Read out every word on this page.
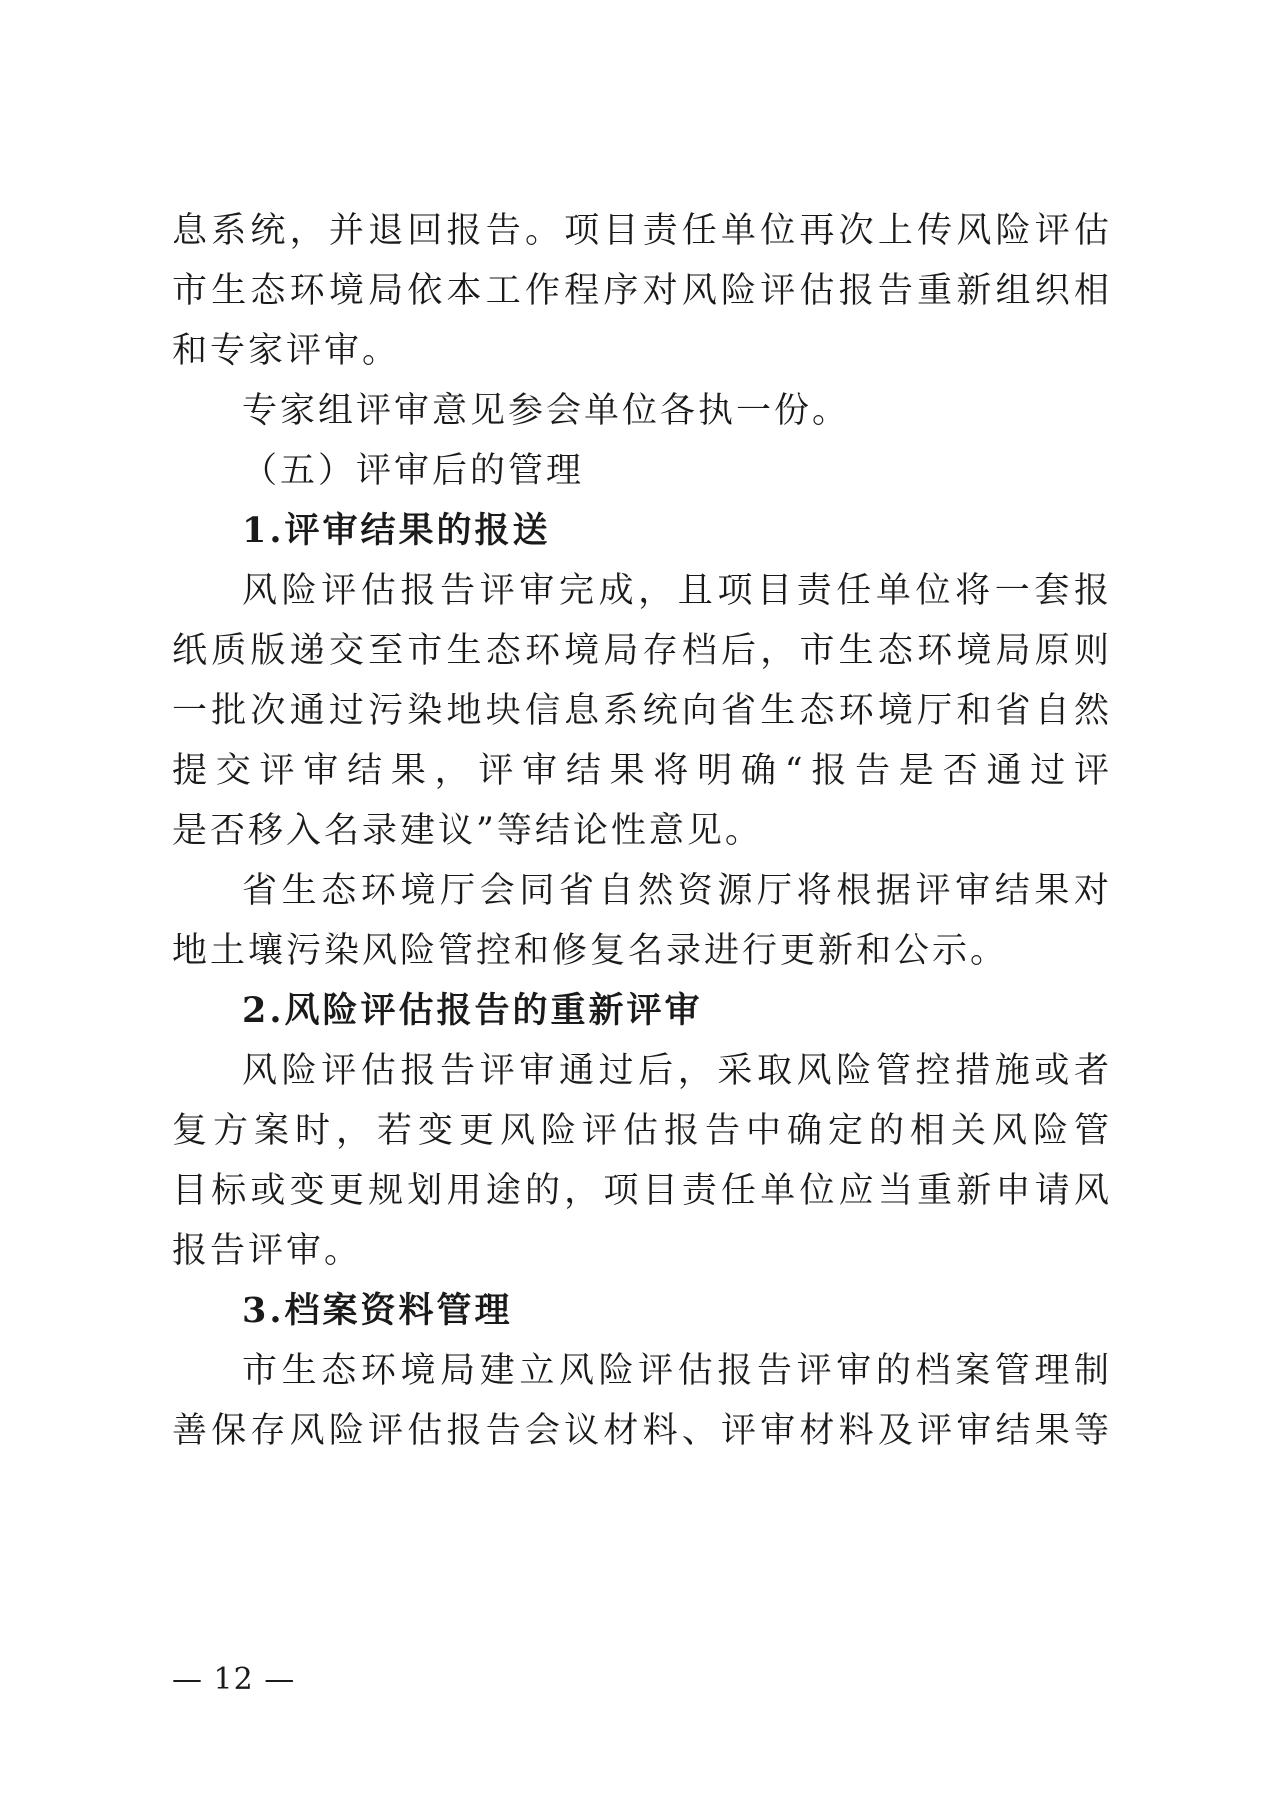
息系统，并退回报告。项目责任单位再次上传风险评估
市生态环境局依本工作程序对风险评估报告重新组织相
和专家评审。
专家组评审意见参会单位各执一份。
（五）评审后的管理
1.评审结果的报送
风险评估报告评审完成，且项目责任单位将一套报
纸质版递交至市生态环境局存档后，市生态环境局原则
一批次通过污染地块信息系统向省生态环境厅和省自然
提交评审结果，评审结果将明确“报告是否通过评
是否移入名录建议”等结论性意见。
省生态环境厅会同省自然资源厅将根据评审结果对
地土壤污染风险管控和修复名录进行更新和公示。
2.风险评估报告的重新评审
风险评估报告评审通过后，采取风险管控措施或者
复方案时，若变更风险评估报告中确定的相关风险管
目标或变更规划用途的，项目责任单位应当重新申请风
报告评审。
3.档案资料管理
市生态环境局建立风险评估报告评审的档案管理制
善保存风险评估报告会议材料、评审材料及评审结果等
— 12 —
